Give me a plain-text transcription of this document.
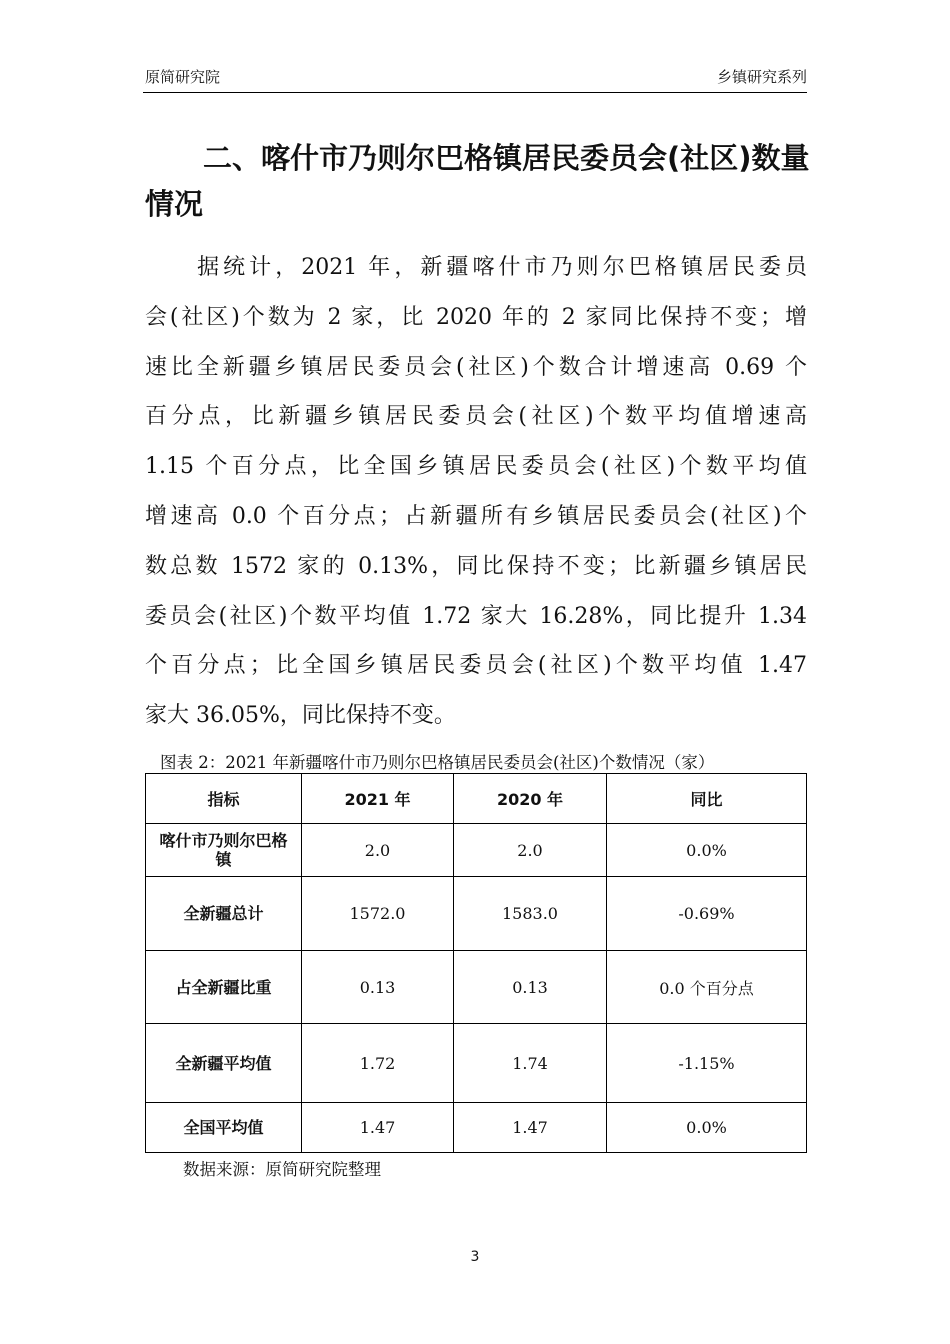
原简研究院	乡镇研究系列
二、喀什市乃则尔巴格镇居民委员会(社区)数量
情况
　　据统计，2021 年，新疆喀什市乃则尔巴格镇居民委员
会(社区)个数为 2 家，比 2020 年的 2 家同比保持不变；增
速比全新疆乡镇居民委员会(社区)个数合计增速高 0.69 个
百分点，比新疆乡镇居民委员会(社区)个数平均值增速高
1.15 个百分点，比全国乡镇居民委员会(社区)个数平均值
增速高 0.0 个百分点；占新疆所有乡镇居民委员会(社区)个
数总数 1572 家的 0.13%，同比保持不变；比新疆乡镇居民
委员会(社区)个数平均值 1.72 家大 16.28%，同比提升 1.34
个百分点；比全国乡镇居民委员会(社区)个数平均值 1.47
家大 36.05%，同比保持不变。
图表 2：2021 年新疆喀什市乃则尔巴格镇居民委员会(社区)个数情况（家）
指标	2021 年	2020 年	同比
喀什市乃则尔巴格镇	2.0	2.0	0.0%
全新疆总计	1572.0	1583.0	-0.69%
占全新疆比重	0.13	0.13	0.0 个百分点
全新疆平均值	1.72	1.74	-1.15%
全国平均值	1.47	1.47	0.0%
数据来源：原简研究院整理
3
